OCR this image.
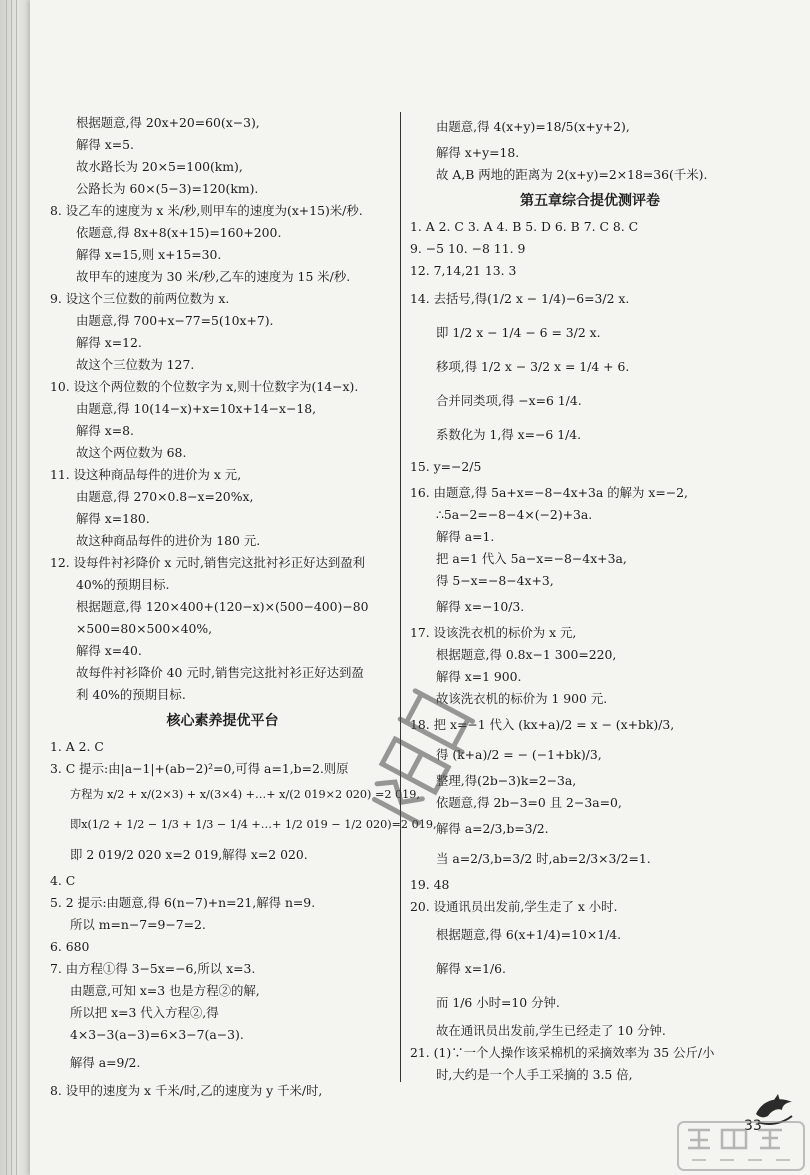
根据题意,得 20x+20=60(x−3),
解得 x=5.
故水路长为 20×5=100(km),
公路长为 60×(5−3)=120(km).
8. 设乙车的速度为 x 米/秒,则甲车的速度为(x+15)米/秒.
依题意,得 8x+8(x+15)=160+200.
解得 x=15,则 x+15=30.
故甲车的速度为 30 米/秒,乙车的速度为 15 米/秒.
9. 设这个三位数的前两位数为 x.
由题意,得 700+x−77=5(10x+7).
解得 x=12.
故这个三位数为 127.
10. 设这个两位数的个位数字为 x,则十位数字为(14−x).
由题意,得 10(14−x)+x=10x+14−x−18,
解得 x=8.
故这个两位数为 68.
11. 设这种商品每件的进价为 x 元,
由题意,得 270×0.8−x=20%x,
解得 x=180.
故这种商品每件的进价为 180 元.
12. 设每件衬衫降价 x 元时,销售完这批衬衫正好达到盈利
40%的预期目标.
根据题意,得 120×400+(120−x)×(500−400)−80
×500=80×500×40%,
解得 x=40.
故每件衬衫降价 40 元时,销售完这批衬衫正好达到盈
利 40%的预期目标.
核心素养提优平台
1. A 2. C
3. C 提示:由|a−1|+(ab−2)²=0,可得 a=1,b=2.则原
方程为 x/2 + x/(2×3) + x/(3×4) +…+ x/(2 019×2 020) =2 019,
即x(1/2 + 1/2 − 1/3 + 1/3 − 1/4 +…+ 1/2 019 − 1/2 020)=2 019,
即 2 019/2 020 x=2 019,解得 x=2 020.
4. C
5. 2 提示:由题意,得 6(n−7)+n=21,解得 n=9.
所以 m=n−7=9−7=2.
6. 680
7. 由方程①得 3−5x=−6,所以 x=3.
由题意,可知 x=3 也是方程②的解,
所以把 x=3 代入方程②,得
4×3−3(a−3)=6×3−7(a−3).
解得 a=9/2.
8. 设甲的速度为 x 千米/时,乙的速度为 y 千米/时,
由题意,得 4(x+y)=18/5(x+y+2),
解得 x+y=18.
故 A,B 两地的距离为 2(x+y)=2×18=36(千米).
第五章综合提优测评卷
1. A 2. C 3. A 4. B 5. D 6. B 7. C 8. C
9. −5 10. −8 11. 9
12. 7,14,21 13. 3
14. 去括号,得(1/2 x − 1/4)−6=3/2 x.
即 1/2 x − 1/4 − 6 = 3/2 x.
移项,得 1/2 x − 3/2 x = 1/4 + 6.
合并同类项,得 −x=6 1/4.
系数化为 1,得 x=−6 1/4.
15. y=−2/5
16. 由题意,得 5a+x=−8−4x+3a 的解为 x=−2,
∴5a−2=−8−4×(−2)+3a.
解得 a=1.
把 a=1 代入 5a−x=−8−4x+3a,
得 5−x=−8−4x+3,
解得 x=−10/3.
17. 设该洗衣机的标价为 x 元,
根据题意,得 0.8x−1 300=220,
解得 x=1 900.
故该洗衣机的标价为 1 900 元.
18. 把 x=−1 代入 (kx+a)/2 = x − (x+bk)/3,
得 (k+a)/2 = − (−1+bk)/3,
整理,得(2b−3)k=2−3a,
依题意,得 2b−3=0 且 2−3a=0,
解得 a=2/3,b=3/2.
当 a=2/3,b=3/2 时,ab=2/3×3/2=1.
19. 48
20. 设通讯员出发前,学生走了 x 小时.
根据题意,得 6(x+1/4)=10×1/4.
解得 x=1/6.
而 1/6 小时=10 分钟.
故在通讯员出发前,学生已经走了 10 分钟.
21. (1)∵一个人操作该采棉机的采摘效率为 35 公斤/小
时,大约是一个人手工采摘的 3.5 倍,
33
